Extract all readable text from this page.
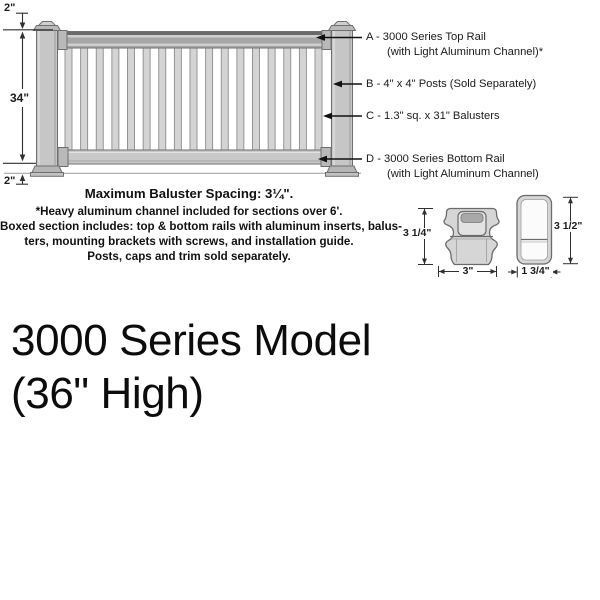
2"
34"
2"
A - 3000 Series Top Rail
(with Light Aluminum Channel)*
B - 4" x 4" Posts (Sold Separately)
C - 1.3" sq. x 31" Balusters
D - 3000 Series Bottom Rail
(with Light Aluminum Channel)
Maximum Baluster Spacing: 3¼".
*Heavy aluminum channel included for sections over 6'.
Boxed section includes: top & bottom rails with aluminum inserts, balus-
ters, mounting brackets with screws, and installation guide.
Posts, caps and trim sold separately.
3 1/4"
3"
3 1/2"
1 3/4"
3000 Series Model
(36" High)
